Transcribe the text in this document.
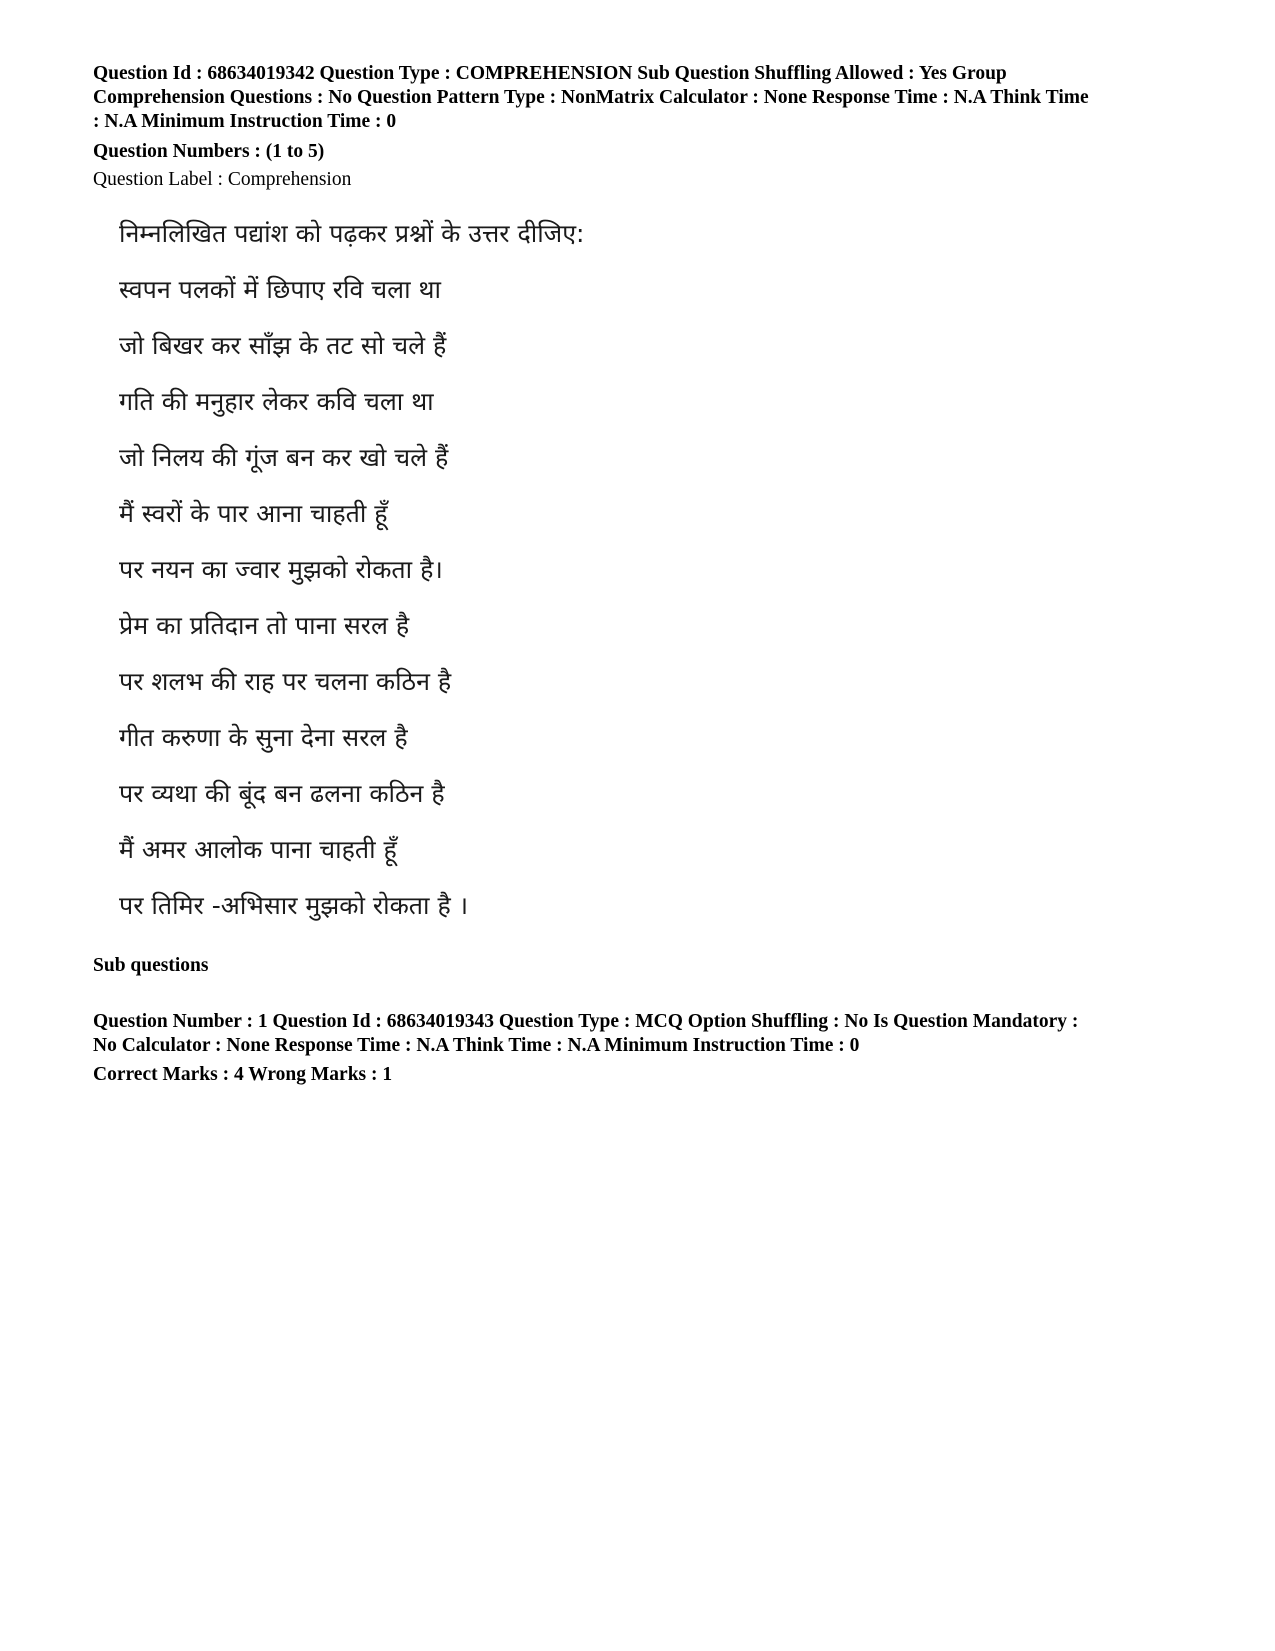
Question Id : 68634019342 Question Type : COMPREHENSION Sub Question Shuffling Allowed : Yes Group
Comprehension Questions : No Question Pattern Type : NonMatrix Calculator : None Response Time : N.A Think Time
: N.A Minimum Instruction Time : 0
Question Numbers : (1 to 5)
Question Label : Comprehension
निम्नलिखित पद्यांश को पढ़कर प्रश्नों के उत्तर दीजिए:
स्वपन पलकों में छिपाए रवि चला था
जो बिखर कर साँझ के तट सो चले हैं
गति की मनुहार लेकर कवि चला था
जो निलय की गूंज बन कर खो चले हैं
मैं स्वरों के पार आना चाहती हूँ
पर नयन का ज्वार मुझको रोकता है।
प्रेम का प्रतिदान तो पाना सरल है
पर शलभ की राह पर चलना कठिन है
गीत करुणा के सुना देना सरल है
पर व्यथा की बूंद बन ढलना कठिन है
मैं अमर आलोक पाना चाहती हूँ
पर तिमिर -अभिसार मुझको रोकता है ।
Sub questions
Question Number : 1 Question Id : 68634019343 Question Type : MCQ Option Shuffling : No Is Question Mandatory :
No Calculator : None Response Time : N.A Think Time : N.A Minimum Instruction Time : 0
Correct Marks : 4 Wrong Marks : 1
